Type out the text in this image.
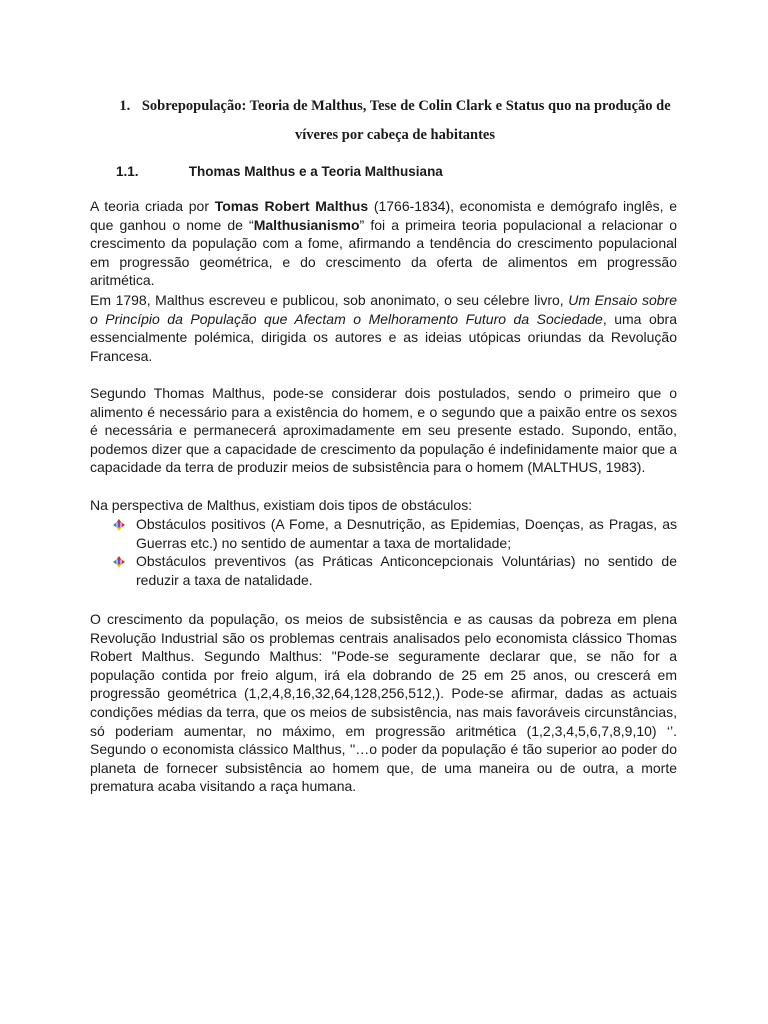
1. Sobrepopulação: Teoria de Malthus, Tese de Colin Clark e Status quo na produção de víveres por cabeça de habitantes
1.1.	Thomas Malthus e a Teoria Malthusiana

A teoria criada por Tomas Robert Malthus (1766-1834), economista e demógrafo inglês, e que ganhou o nome de “Malthusianismo” foi a primeira teoria populacional a relacionar o crescimento da população com a fome, afirmando a tendência do crescimento populacional em progressão geométrica, e do crescimento da oferta de alimentos em progressão aritmética.

Em 1798, Malthus escreveu e publicou, sob anonimato, o seu célebre livro, Um Ensaio sobre o Princípio da População que Afectam o Melhoramento Futuro da Sociedade, uma obra essencialmente polémica, dirigida os autores e as ideias utópicas oriundas da Revolução Francesa.

Segundo Thomas Malthus, pode-se considerar dois postulados, sendo o primeiro que o alimento é necessário para a existência do homem, e o segundo que a paixão entre os sexos é necessária e permanecerá aproximadamente em seu presente estado. Supondo, então, podemos dizer que a capacidade de crescimento da população é indefinidamente maior que a capacidade da terra de produzir meios de subsistência para o homem (MALTHUS, 1983).

Na perspectiva de Malthus, existiam dois tipos de obstáculos:

Obstáculos positivos (A Fome, a Desnutrição, as Epidemias, Doenças, as Pragas, as Guerras etc.) no sentido de aumentar a taxa de mortalidade;
Obstáculos preventivos (as Práticas Anticoncepcionais Voluntárias) no sentido de reduzir a taxa de natalidade.

O crescimento da população, os meios de subsistência e as causas da pobreza em plena Revolução Industrial são os problemas centrais analisados pelo economista clássico Thomas Robert Malthus. Segundo Malthus: "Pode-se seguramente declarar que, se não for a população contida por freio algum, irá ela dobrando de 25 em 25 anos, ou crescerá em progressão geométrica (1,2,4,8,16,32,64,128,256,512,). Pode-se afirmar, dadas as actuais condições médias da terra, que os meios de subsistência, nas mais favoráveis circunstâncias, só poderiam aumentar, no máximo, em progressão aritmética (1,2,3,4,5,6,7,8,9,10) ‘’. Segundo o economista clássico Malthus, ''…o poder da população é tão superior ao poder do planeta de fornecer subsistência ao homem que, de uma maneira ou de outra, a morte prematura acaba visitando a raça humana.
